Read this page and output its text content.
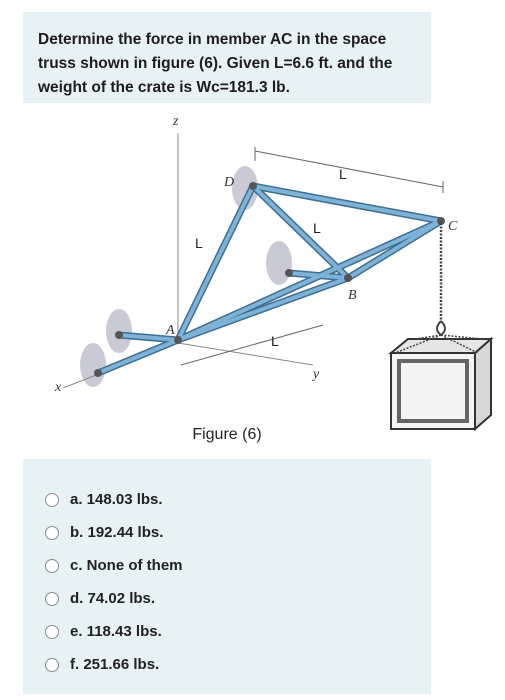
Determine the force in member AC in the space
truss shown in figure (6). Given L=6.6 ft. and the
weight of the crate is Wc=181.3 lb.
z
x
y
A
B
C
D
L
L
L
L
Figure (6)
a. 148.03 lbs.
b. 192.44 lbs.
c. None of them
d. 74.02 lbs.
e. 118.43 lbs.
f. 251.66 lbs.
